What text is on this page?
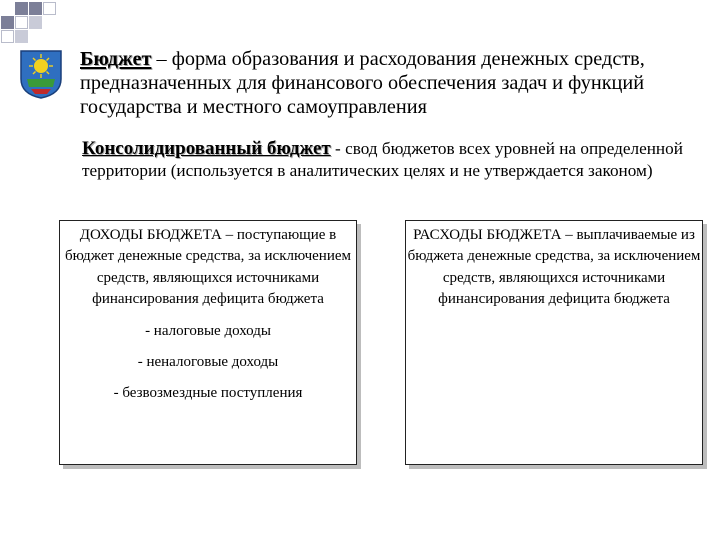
Бюджет – форма образования и расходования денежных средств, предназначенных для финансового обеспечения задач и функций государства и местного самоуправления
Консолидированный бюджет - свод бюджетов всех уровней на определенной территории (используется в аналитических целях и не утверждается законом)
ДОХОДЫ БЮДЖЕТА – поступающие в бюджет денежные средства, за исключением средств, являющихся источниками финансирования дефицита бюджета
- налоговые доходы
- неналоговые доходы
- безвозмездные поступления
РАСХОДЫ БЮДЖЕТА – выплачиваемые из бюджета денежные средства, за исключением средств, являющихся источниками финансирования дефицита бюджета
